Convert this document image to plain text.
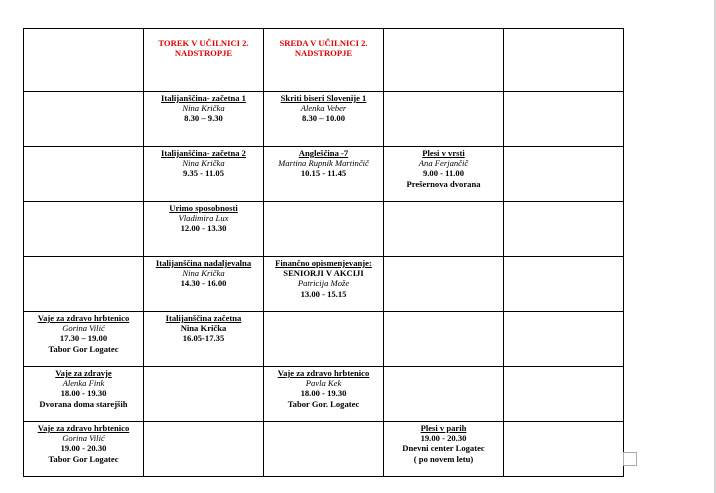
	TOREK V UČILNICI 2.
NADSTROPJE	SREDA V UČILNICI 2.
NADSTROPJE		

	Italijanščina- začetna 1
Nina Krička
8.30 – 9.30	Skriti biseri Slovenije 1
Alenka Veber
8.30 – 10.00		

	Italijanščina- začetna 2
Nina Krička
9.35 - 11.05	Angleščina -7
Martina Rupnik Martinčič
10.15 - 11.45	Plesi v vrsti
Ana Ferjančič
9.00 - 11.00
Prešernova dvorana	

	Urimo sposobnosti
Vladimira Lux
12.00 - 13.30			

	Italijanščina nadaljevalna
Nina Krička
14.30 - 16.00	Finančno opismenjevanje:
SENIORJI V AKCIJI
Patricija Može
13.00 - 15.15		

Vaje za zdravo hrbtenico
Gorina Vilić
17.30 – 19.00
Tabor Gor Logatec	Italijanščina začetna
Nina Krička
16.05-17.35			

Vaje za zdravje
Alenka Fink
18.00 - 19.30
Dvorana doma starejših		Vaje za zdravo hrbtenico
Pavla Kek
18.00 - 19.30
Tabor Gor. Logatec		

Vaje za zdravo hrbtenico
Gorina Vilić
19.00 - 20.30
Tabor Gor Logatec			Plesi v parih
19.00 - 20.30
Dnevni center Logatec
( po novem letu)	
